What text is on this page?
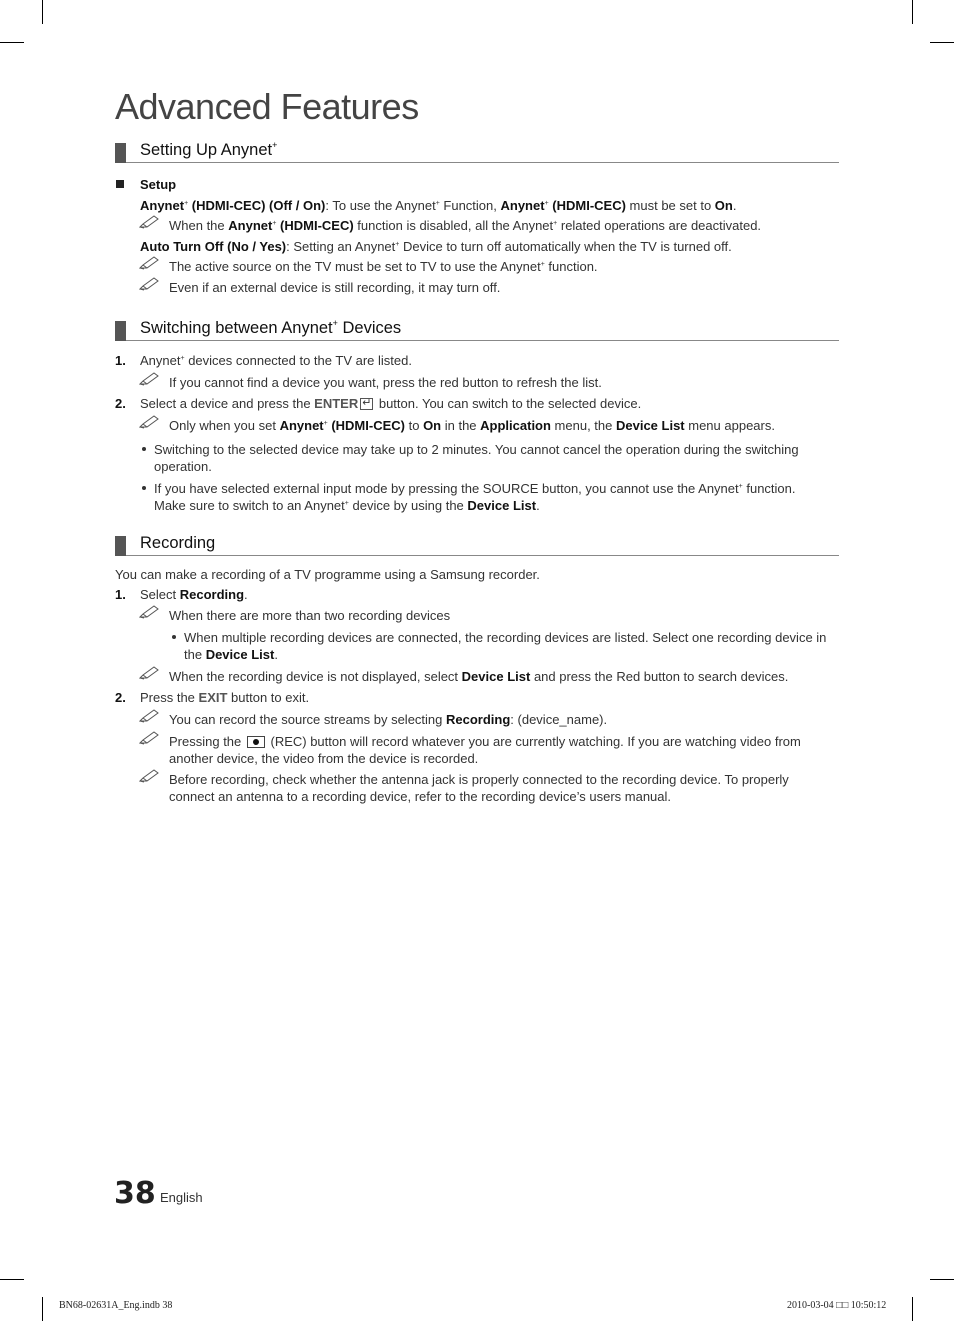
Advanced Features
Setting Up Anynet+
Setup
Anynet+ (HDMI-CEC) (Off / On): To use the Anynet+ Function, Anynet+ (HDMI-CEC) must be set to On.
When the Anynet+ (HDMI-CEC) function is disabled, all the Anynet+ related operations are deactivated.
Auto Turn Off (No / Yes): Setting an Anynet+ Device to turn off automatically when the TV is turned off.
The active source on the TV must be set to TV to use the Anynet+ function.
Even if an external device is still recording, it may turn off.
Switching between Anynet+ Devices
1. Anynet+ devices connected to the TV are listed.
If you cannot find a device you want, press the red button to refresh the list.
2. Select a device and press the ENTER↵ button. You can switch to the selected device.
Only when you set Anynet+ (HDMI-CEC) to On in the Application menu, the Device List menu appears.
Switching to the selected device may take up to 2 minutes. You cannot cancel the operation during the switching operation.
If you have selected external input mode by pressing the SOURCE button, you cannot use the Anynet+ function. Make sure to switch to an Anynet+ device by using the Device List.
Recording
You can make a recording of a TV programme using a Samsung recorder.
1. Select Recording.
When there are more than two recording devices
When multiple recording devices are connected, the recording devices are listed. Select one recording device in the Device List.
When the recording device is not displayed, select Device List and press the Red button to search devices.
2. Press the EXIT button to exit.
You can record the source streams by selecting Recording: (device_name).
Pressing the  (REC) button will record whatever you are currently watching. If you are watching video from another device, the video from the device is recorded.
Before recording, check whether the antenna jack is properly connected to the recording device. To properly connect an antenna to a recording device, refer to the recording device’s users manual.
38 English
BN68-02631A_Eng.indb 38	2010-03-04 □□ 10:50:12
